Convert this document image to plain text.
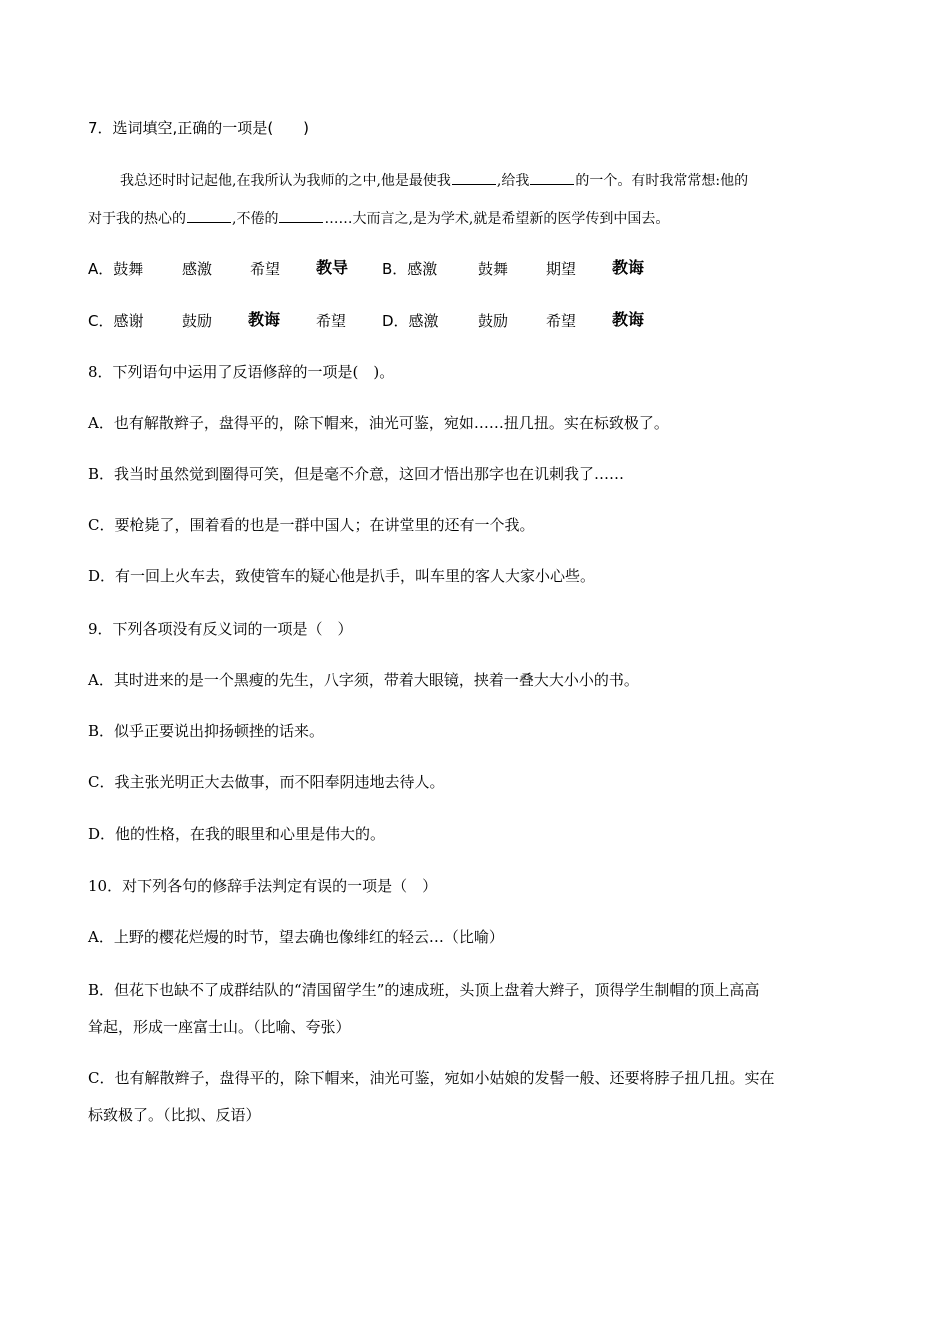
7．选词填空,正确的一项是(　　)
我总还时时记起他,在我所认为我师的之中,他是最使我	,给我	的一个。有时我常常想:他的
对于我的热心的	,不倦的	……大而言之,是为学术,就是希望新的医学传到中国去。
A．鼓舞	感激	希望 教导 B．感激	鼓舞	期望 教诲
C．感谢	鼓励 教诲 希望 D．感激	鼓励	希望 教诲
8．下列语句中运用了反语修辞的一项是(　)。
A．也有解散辫子，盘得平的，除下帽来，油光可鉴，宛如……扭几扭。实在标致极了。
B．我当时虽然觉到圈得可笑，但是毫不介意，这回才悟出那字也在讥刺我了……
C．要枪毙了，围着看的也是一群中国人；在讲堂里的还有一个我。
D．有一回上火车去，致使管车的疑心他是扒手，叫车里的客人大家小心些。
9．下列各项没有反义词的一项是（　）
A．其时进来的是一个黑瘦的先生，八字须，带着大眼镜，挟着一叠大大小小的书。
B．似乎正要说出抑扬顿挫的话来。
C．我主张光明正大去做事，而不阳奉阴违地去待人。
D．他的性格，在我的眼里和心里是伟大的。
10．对下列各句的修辞手法判定有误的一项是（　）
A．上野的樱花烂熳的时节，望去确也像绯红的轻云…（比喻）
B．但花下也缺不了成群结队的“清国留学生”的速成班，头顶上盘着大辫子，顶得学生制帽的顶上高高
耸起，形成一座富士山。（比喻、夸张）
C．也有解散辫子，盘得平的，除下帽来，油光可鉴，宛如小姑娘的发髻一般、还要将脖子扭几扭。实在
标致极了。（比拟、反语）
